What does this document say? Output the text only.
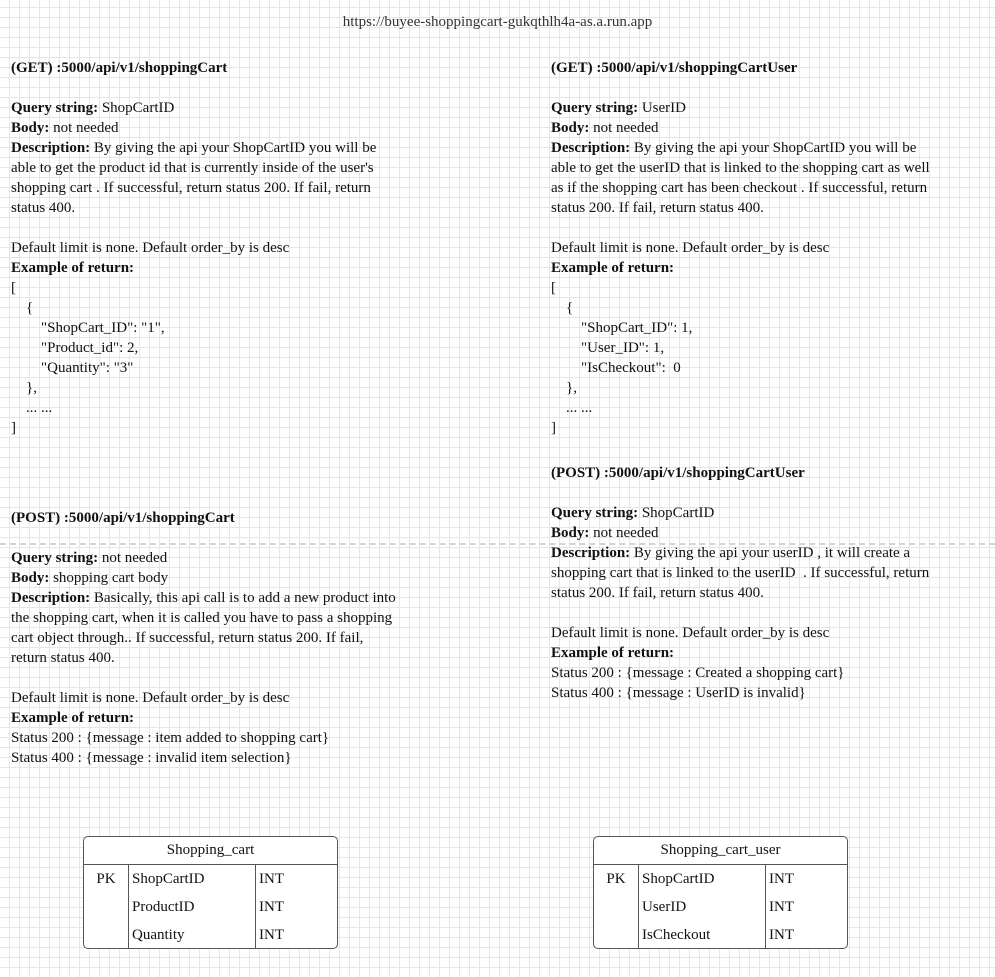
https://buyee-shoppingcart-gukqthlh4a-as.a.run.app
(GET) :5000/api/v1/shoppingCart
Query string: ShopCartID
Body: not needed
Description: By giving the api your ShopCartID you will be
able to get the product id that is currently inside of the user's
shopping cart . If successful, return status 200. If fail, return
status 400.
Default limit is none. Default order_by is desc
Example of return:
[
{
"ShopCart_ID": "1",
"Product_id": 2,
"Quantity": "3"
},
... ...
]
(GET) :5000/api/v1/shoppingCartUser
Query string: UserID
Body: not needed
Description: By giving the api your ShopCartID you will be
able to get the userID that is linked to the shopping cart as well
as if the shopping cart has been checkout . If successful, return
status 200. If fail, return status 400.
Default limit is none. Default order_by is desc
Example of return:
[
{
"ShopCart_ID": 1,
"User_ID": 1,
"IsCheckout":  0
},
... ...
]
(POST) :5000/api/v1/shoppingCart
Query string: not needed
Body: shopping cart body
Description: Basically, this api call is to add a new product into
the shopping cart, when it is called you have to pass a shopping
cart object through.. If successful, return status 200. If fail,
return status 400.
Default limit is none. Default order_by is desc
Example of return:
Status 200 : {message : item added to shopping cart}
Status 400 : {message : invalid item selection}
(POST) :5000/api/v1/shoppingCartUser
Query string: ShopCartID
Body: not needed
Description: By giving the api your userID , it will create a
shopping cart that is linked to the userID  . If successful, return
status 200. If fail, return status 400.
Default limit is none. Default order_by is desc
Example of return:
Status 200 : {message : Created a shopping cart}
Status 400 : {message : UserID is invalid}
Shopping_cart
PK	ShopCartID	INT
ProductID	INT
Quantity	INT
Shopping_cart_user
PK	ShopCartID	INT
UserID	INT
IsCheckout	INT
